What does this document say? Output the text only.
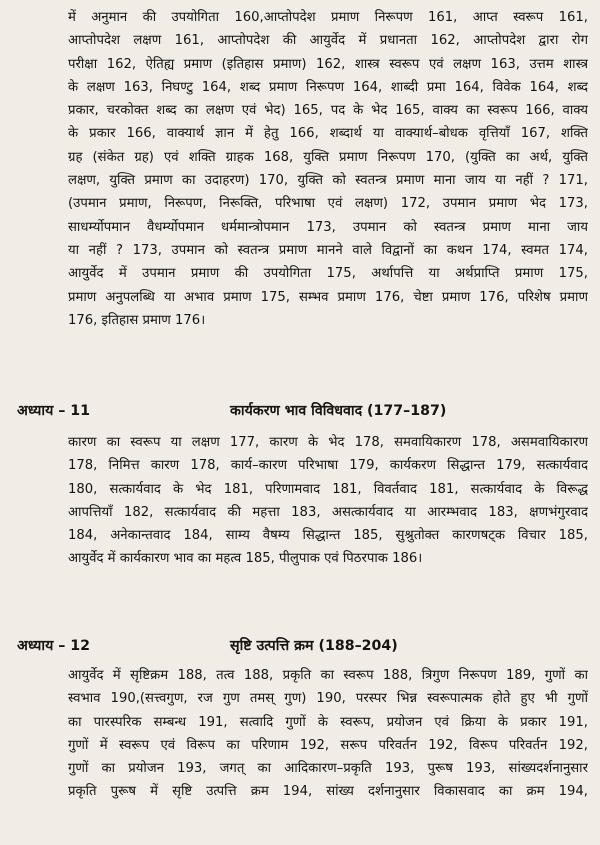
में अनुमान की उपयोगिता 160,आप्तोपदेश प्रमाण निरूपण 161, आप्त स्वरूप 161,
आप्तोपदेश लक्षण 161, आप्तोपदेश की आयुर्वेद में प्रधानता 162, आप्तोपदेश द्वारा रोग
परीक्षा 162, ऐतिह्य प्रमाण (इतिहास प्रमाण) 162, शास्त्र स्वरूप एवं लक्षण 163, उत्तम शास्त्र
के लक्षण 163, निघण्टु 164, शब्द प्रमाण निरूपण 164, शाब्दी प्रमा 164, विवेक 164, शब्द
प्रकार, चरकोक्त शब्द का लक्षण एवं भेद) 165, पद के भेद 165, वाक्य का स्वरूप 166, वाक्य
के प्रकार 166, वाक्यार्थ ज्ञान में हेतु 166, शब्दार्थ या वाक्यार्थ–बोधक वृत्तियाँ 167, शक्ति
ग्रह (संकेत ग्रह) एवं शक्ति ग्राहक 168, युक्ति प्रमाण निरूपण 170, (युक्ति का अर्थ, युक्ति
लक्षण, युक्ति प्रमाण का उदाहरण) 170, युक्ति को स्वतन्त्र प्रमाण माना जाय या नहीं ? 171,
(उपमान प्रमाण, निरूपण, निरूक्ति, परिभाषा एवं लक्षण) 172, उपमान प्रमाण भेद 173,
साधर्म्योपमान वैधर्म्योपमान धर्ममान्त्रोपमान 173, उपमान को स्वतन्त्र प्रमाण माना जाय
या नहीं ? 173, उपमान को स्वतन्त्र प्रमाण मानने वाले विद्वानों का कथन 174, स्वमत 174,
आयुर्वेद में उपमान प्रमाण की उपयोगिता 175, अर्थापत्ति या अर्थप्राप्ति प्रमाण 175,
प्रमाण अनुपलब्धि या अभाव प्रमाण 175, सम्भव प्रमाण 176, चेष्टा प्रमाण 176, परिशेष प्रमाण
176, इतिहास प्रमाण 176।
अध्याय – 11	कार्यकरण भाव विविधवाद (177–187)
कारण का स्वरूप या लक्षण 177, कारण के भेद 178, समवायिकारण 178, असमवायिकारण
178, निमित्त कारण 178, कार्य–कारण परिभाषा 179, कार्यकरण सिद्धान्त 179, सत्कार्यवाद
180, सत्कार्यवाद के भेद 181, परिणामवाद 181, विवर्तवाद 181, सत्कार्यवाद के विरूद्ध
आपत्तियाँ 182, सत्कार्यवाद की महत्ता 183, असत्कार्यवाद या आरम्भवाद 183, क्षणभंगुरवाद
184, अनेकान्तवाद 184, साम्य वैषम्य सिद्धान्त 185, सुश्रुतोक्त कारणषट्क विचार 185,
आयुर्वेद में कार्यकारण भाव का महत्व 185, पीलुपाक एवं पिठरपाक 186।
अध्याय – 12	सृष्टि उत्पत्ति क्रम (188–204)
आयुर्वेद में सृष्टिक्रम 188, तत्व 188, प्रकृति का स्वरूप 188, त्रिगुण निरूपण 189, गुणों का
स्वभाव 190,(सत्त्वगुण, रज गुण तमस् गुण) 190, परस्पर भिन्न स्वरूपात्मक होते हुए भी गुणों
का पारस्परिक सम्बन्ध 191, सत्वादि गुणों के स्वरूप, प्रयोजन एवं क्रिया के प्रकार 191,
गुणों में स्वरूप एवं विरूप का परिणाम 192, सरूप परिवर्तन 192, विरूप परिवर्तन 192,
गुणों का प्रयोजन 193, जगत् का आदिकारण–प्रकृति 193, पुरूष 193, सांख्यदर्शनानुसार
प्रकृति पुरूष में सृष्टि उत्पत्ति क्रम 194, सांख्य दर्शनानुसार विकासवाद का क्रम 194,
